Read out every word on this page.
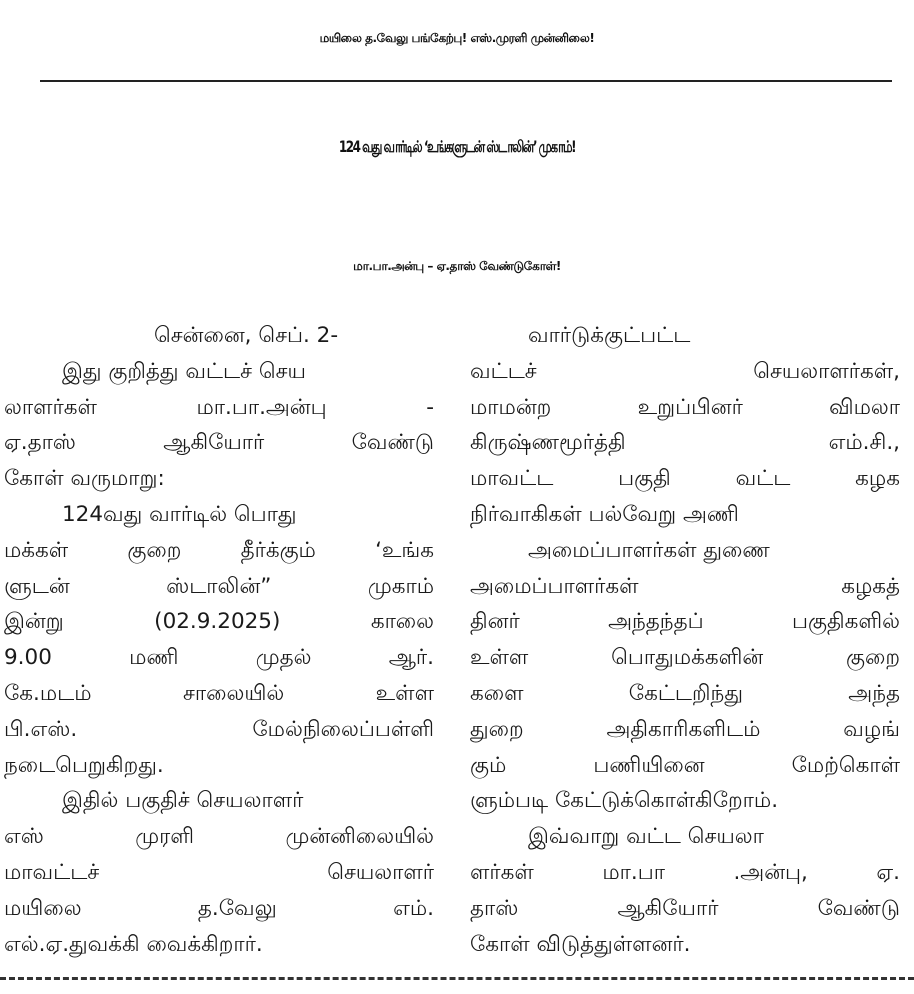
மயிலை த.வேலு பங்கேற்பு! எஸ்.முரளி முன்னிலை!
124 வது வார்டில் ‘உங்களுடன் ஸ்டாலின்’ முகாம்!
மா.பா.அன்பு – ஏ.தாஸ் வேண்டுகோள்!
சென்னை, செப். 2-
இது குறித்து வட்டச் செய
லாளர்கள் மா.பா.அன்பு -
ஏ.தாஸ் ஆகியோர் வேண்டு
கோள் வருமாறு:
124வது வார்டில் பொது
மக்கள் குறை தீர்க்கும் ‘உங்க
ளுடன் ஸ்டாலின்” முகாம்
இன்று (02.9.2025) காலை
9.00 மணி முதல் ஆர்.
கே.மடம் சாலையில் உள்ள
பி.எஸ். மேல்நிலைப்பள்ளி
நடைபெறுகிறது.
இதில் பகுதிச் செயலாளர்
எஸ் முரளி முன்னிலையில்
மாவட்டச் செயலாளர்
மயிலை த.வேலு எம்.
எல்.ஏ.துவக்கி வைக்கிறார்.
வார்டுக்குட்பட்ட
வட்டச் செயலாளர்கள்,
மாமன்ற உறுப்பினர் விமலா
கிருஷ்ணமூர்த்தி எம்.சி.,
மாவட்ட பகுதி வட்ட கழக
நிர்வாகிகள் பல்வேறு அணி
அமைப்பாளர்கள் துணை
அமைப்பாளர்கள் கழகத்
தினர் அந்தந்தப் பகுதிகளில்
உள்ள பொதுமக்களின் குறை
களை கேட்டறிந்து அந்த
துறை அதிகாரிகளிடம் வழங்
கும் பணியினை மேற்கொள்
ளும்படி கேட்டுக்கொள்கிறோம்.
இவ்வாறு வட்ட செயலா
ளர்கள் மா.பா .அன்பு, ஏ.
தாஸ் ஆகியோர் வேண்டு
கோள் விடுத்துள்ளனர்.
